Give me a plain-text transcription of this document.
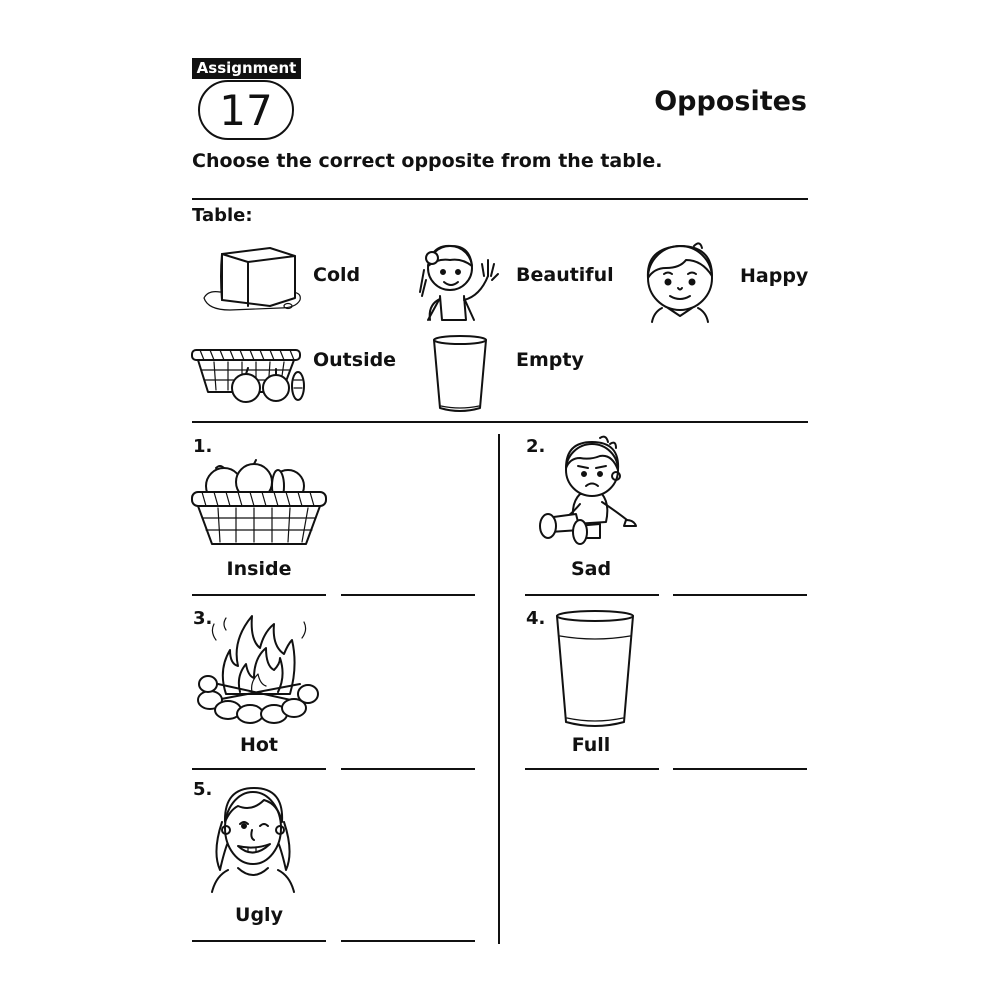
Assignment
17	Opposites
Choose the correct opposite from the table.
Table:
Cold	Beautiful	Happy
Outside	Empty
1.
Inside
2.
Sad
3.
Hot
4.
Full
5.
Ugly
